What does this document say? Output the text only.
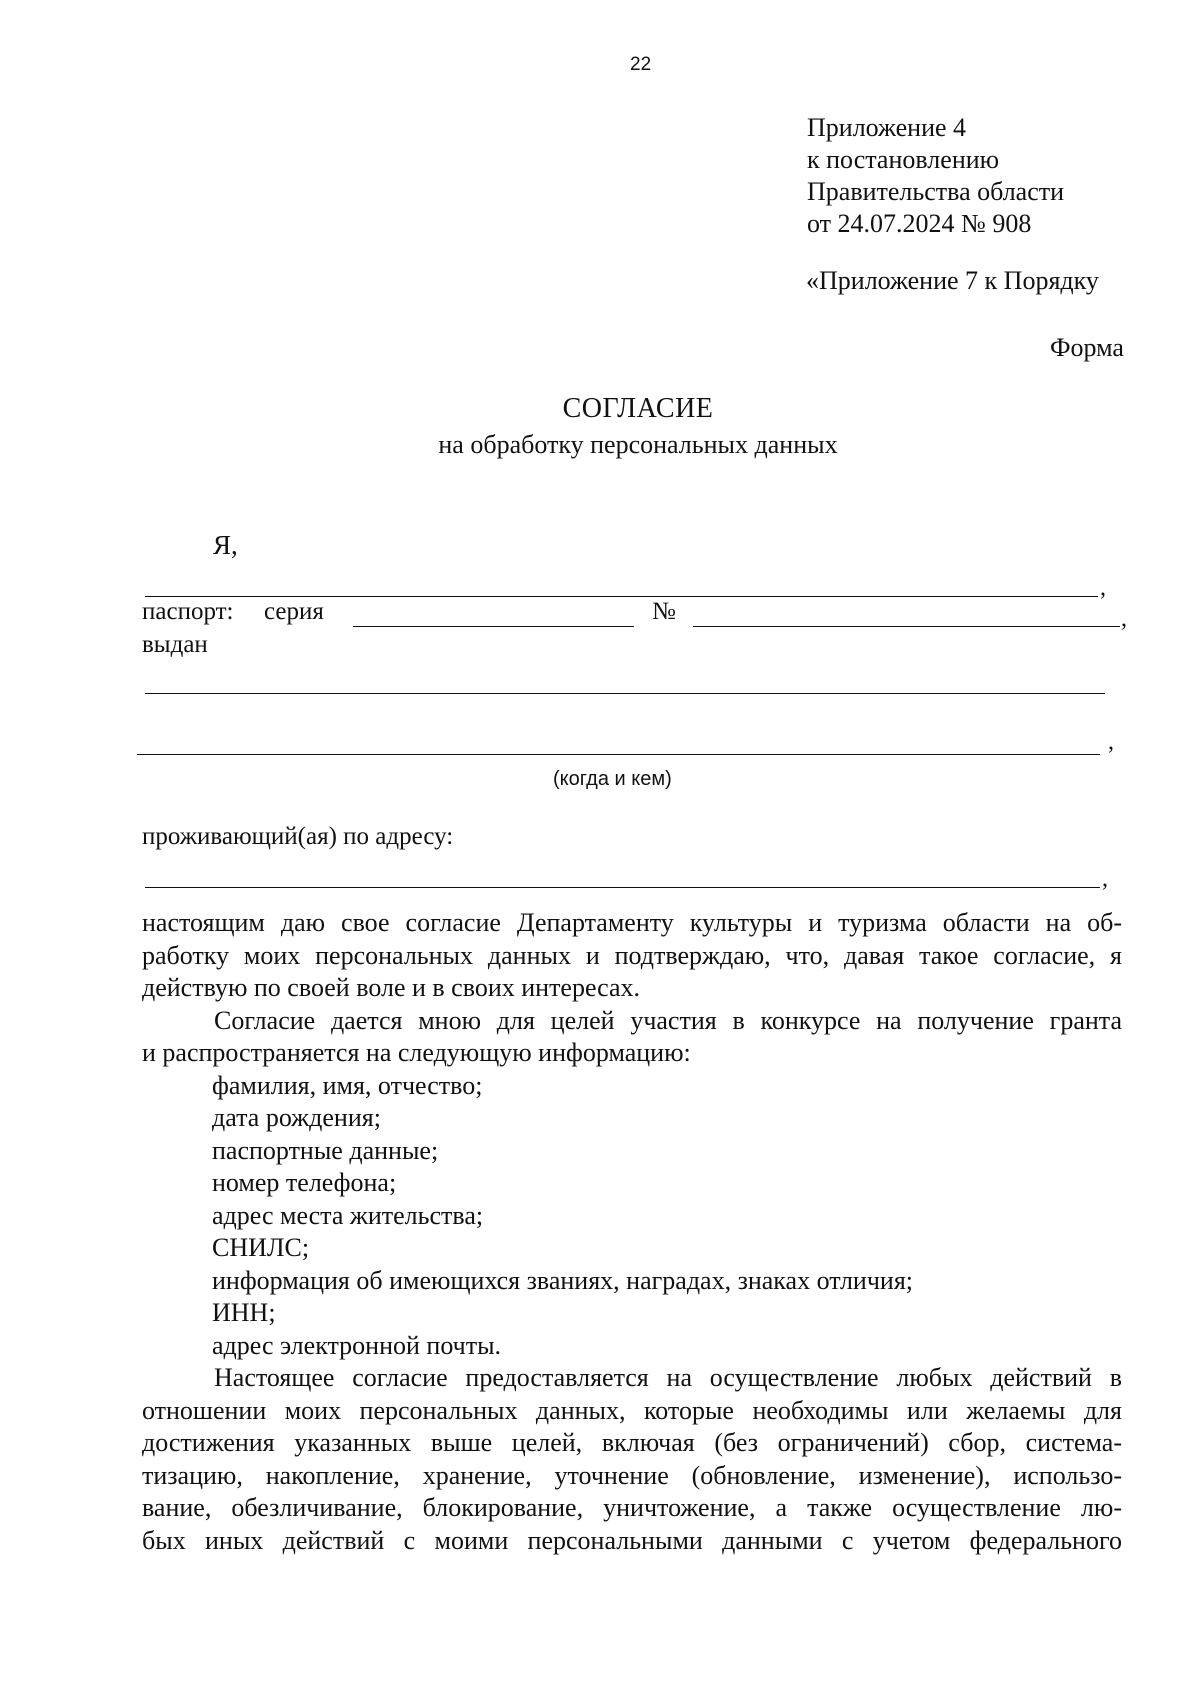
22
Приложение 4
к постановлению
Правительства области
от 24.07.2024 № 908
«Приложение 7 к Порядку
Форма
СОГЛАСИЕ
на обработку персональных данных
Я,
,
паспорт: серия	№	,
выдан
,
(когда и кем)
проживающий(ая) по адресу:
,

настоящим даю свое согласие Департаменту культуры и туризма области на об-

работку моих персональных данных и подтверждаю, что, давая такое согласие, я

действую по своей воле и в своих интересах.

Согласие дается мною для целей участия в конкурсе на получение гранта

и распространяется на следующую информацию:

фамилия, имя, отчество;

дата рождения;

паспортные данные;

номер телефона;

адрес места жительства;

СНИЛС;

информация об имеющихся званиях, наградах, знаках отличия;

ИНН;

адрес электронной почты.

Настоящее согласие предоставляется на осуществление любых действий в

отношении моих персональных данных, которые необходимы или желаемы для

достижения указанных выше целей, включая (без ограничений) сбор, система-

тизацию, накопление, хранение, уточнение (обновление, изменение), использо-

вание, обезличивание, блокирование, уничтожение, а также осуществление лю-

бых иных действий с моими персональными данными с учетом федерального
